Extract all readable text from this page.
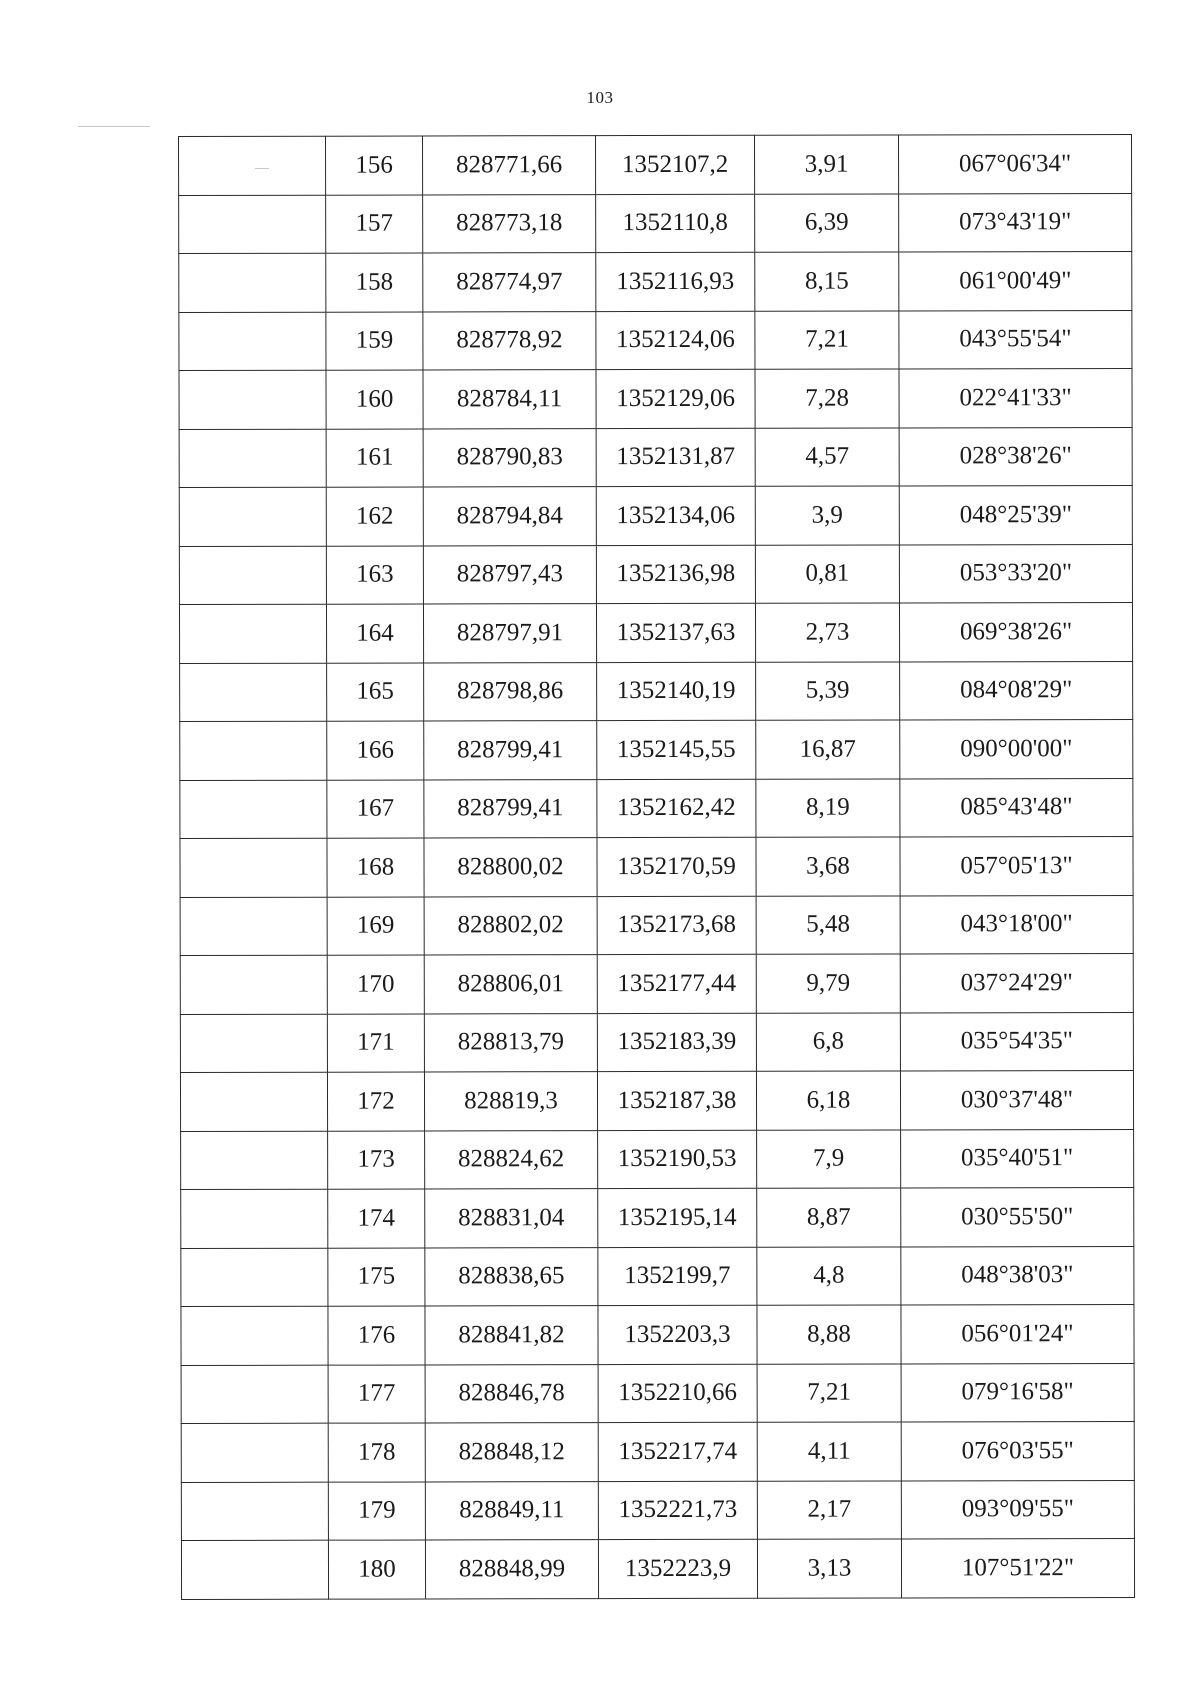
103
	156	828771,66	1352107,2	3,91	067°06'34"
	157	828773,18	1352110,8	6,39	073°43'19"
	158	828774,97	1352116,93	8,15	061°00'49"
	159	828778,92	1352124,06	7,21	043°55'54"
	160	828784,11	1352129,06	7,28	022°41'33"
	161	828790,83	1352131,87	4,57	028°38'26"
	162	828794,84	1352134,06	3,9	048°25'39"
	163	828797,43	1352136,98	0,81	053°33'20"
	164	828797,91	1352137,63	2,73	069°38'26"
	165	828798,86	1352140,19	5,39	084°08'29"
	166	828799,41	1352145,55	16,87	090°00'00"
	167	828799,41	1352162,42	8,19	085°43'48"
	168	828800,02	1352170,59	3,68	057°05'13"
	169	828802,02	1352173,68	5,48	043°18'00"
	170	828806,01	1352177,44	9,79	037°24'29"
	171	828813,79	1352183,39	6,8	035°54'35"
	172	828819,3	1352187,38	6,18	030°37'48"
	173	828824,62	1352190,53	7,9	035°40'51"
	174	828831,04	1352195,14	8,87	030°55'50"
	175	828838,65	1352199,7	4,8	048°38'03"
	176	828841,82	1352203,3	8,88	056°01'24"
	177	828846,78	1352210,66	7,21	079°16'58"
	178	828848,12	1352217,74	4,11	076°03'55"
	179	828849,11	1352221,73	2,17	093°09'55"
	180	828848,99	1352223,9	3,13	107°51'22"
